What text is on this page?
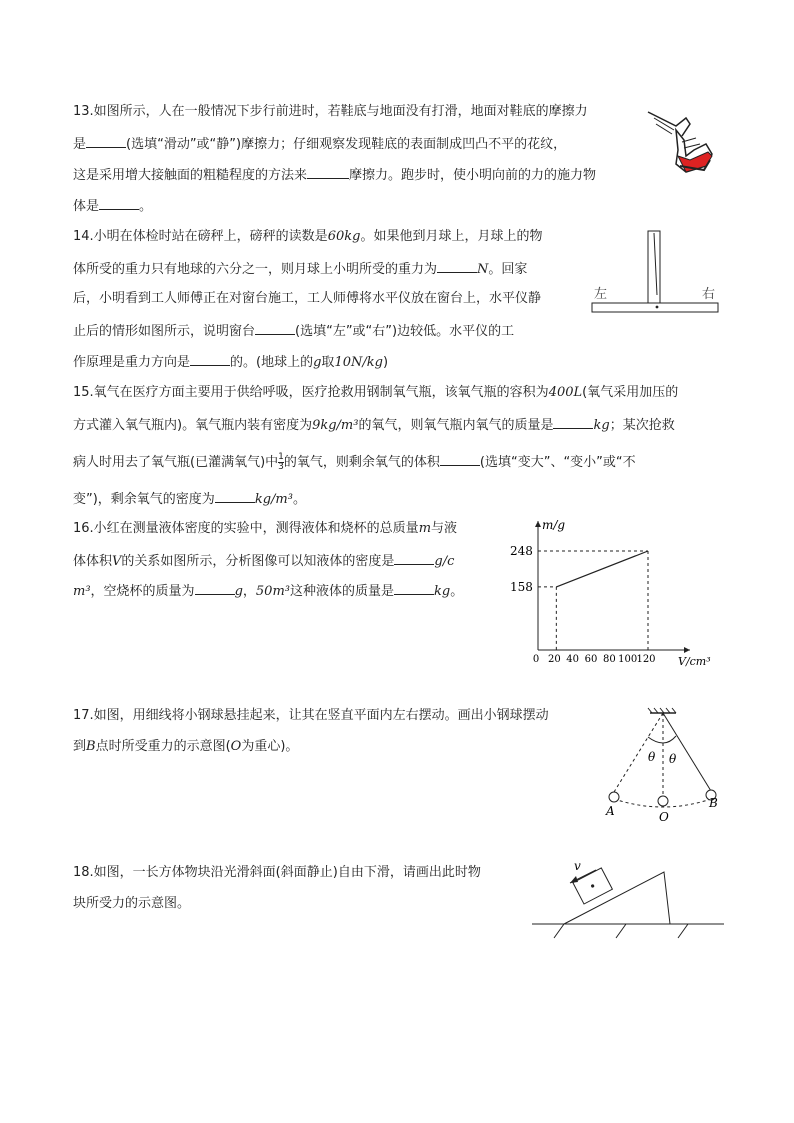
13.如图所示，人在一般情况下步行前进时，若鞋底与地面没有打滑，地面对鞋底的摩擦力
是	(选填“滑动”或“静”)摩擦力；仔细观察发现鞋底的表面制成凹凸不平的花纹，
这是采用增大接触面的粗糙程度的方法来	摩擦力。跑步时，使小明向前的力的施力物
体是	。
14.小明在体检时站在磅秤上，磅秤的读数是60kg。如果他到月球上，月球上的物
体所受的重力只有地球的六分之一，则月球上小明所受的重力为	N。回家
后，小明看到工人师傅正在对窗台施工，工人师傅将水平仪放在窗台上，水平仪静
止后的情形如图所示，说明窗台	(选填“左”或“右”)边较低。水平仪的工
作原理是重力方向是	的。(地球上的g取10N/kg)
左	右
15.氧气在医疗方面主要用于供给呼吸，医疗抢救用钢制氧气瓶，该氧气瓶的容积为400L(氧气采用加压的
方式灌入氧气瓶内)。氧气瓶内装有密度为9kg/m³的氧气，则氧气瓶内氧气的质量是	kg；某次抢救
病人时用去了氧气瓶(已灌满氧气)中 $\frac{1}{3}$ 的氧气，则剩余氧气的体积	(选填“变大”、“变小”或“不
变”)，剩余氧气的密度为	kg/m³。
16.小红在测量液体密度的实验中，测得液体和烧杯的总质量m与液
体体积V的关系如图所示，分析图像可以知液体的密度是	g/c
m³，空烧杯的质量为	g，50m³这种液体的质量是	kg。
m/g
V/cm³
158
248
0 20 40 60 80 100 120
17.如图，用细线将小钢球悬挂起来，让其在竖直平面内左右摆动。画出小钢球摆动
到B点时所受重力的示意图(O为重心)。
θ θ
A
B
O
18.如图，一长方体物块沿光滑斜面(斜面静止)自由下滑，请画出此时物
块所受力的示意图。
v
